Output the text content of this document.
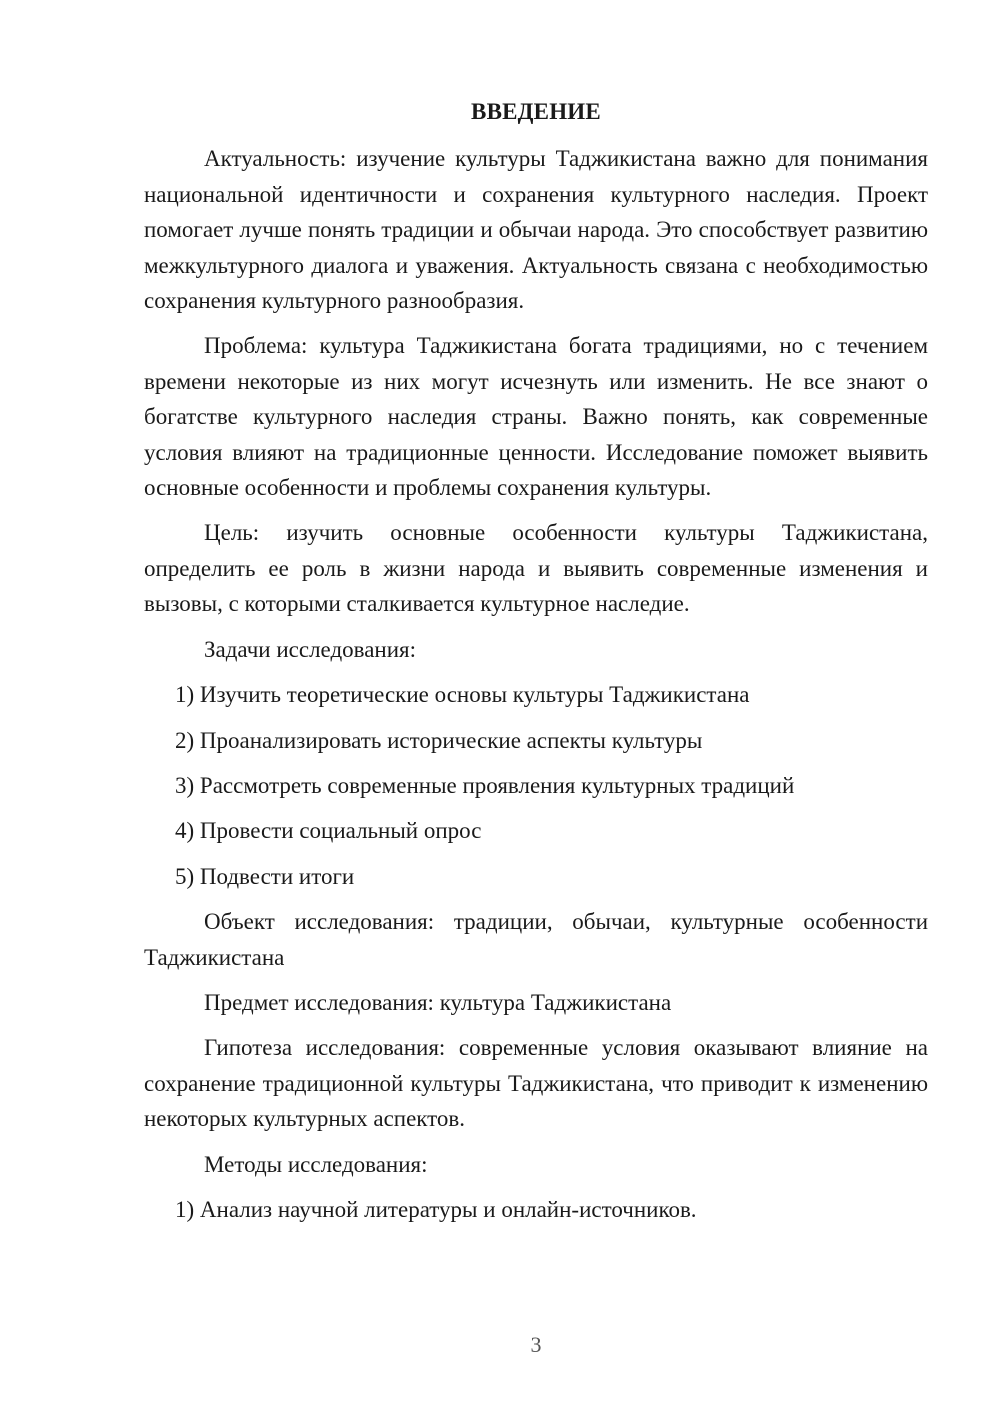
ВВЕДЕНИЕ

Актуальность: изучение культуры Таджикистана важно для понимания национальной идентичности и сохранения культурного наследия. Проект помогает лучше понять традиции и обычаи народа. Это способствует развитию межкультурного диалога и уважения. Актуальность связана с необходимостью сохранения культурного разнообразия.

Проблема: культура Таджикистана богата традициями, но с течением времени некоторые из них могут исчезнуть или изменить. Не все знают о богатстве культурного наследия страны. Важно понять, как современные условия влияют на традиционные ценности. Исследование поможет выявить основные особенности и проблемы сохранения культуры.

Цель: изучить основные особенности культуры Таджикистана, определить ее роль в жизни народа и выявить современные изменения и вызовы, с которыми сталкивается культурное наследие.

Задачи исследования:
1) Изучить теоретические основы культуры Таджикистана
2) Проанализировать исторические аспекты культуры
3) Рассмотреть современные проявления культурных традиций
4) Провести социальный опрос
5) Подвести итоги

Объект исследования: традиции, обычаи, культурные особенности Таджикистана

Предмет исследования: культура Таджикистана

Гипотеза исследования: современные условия оказывают влияние на сохранение традиционной культуры Таджикистана, что приводит к изменению некоторых культурных аспектов.

Методы исследования:
1) Анализ научной литературы и онлайн-источников.
3
